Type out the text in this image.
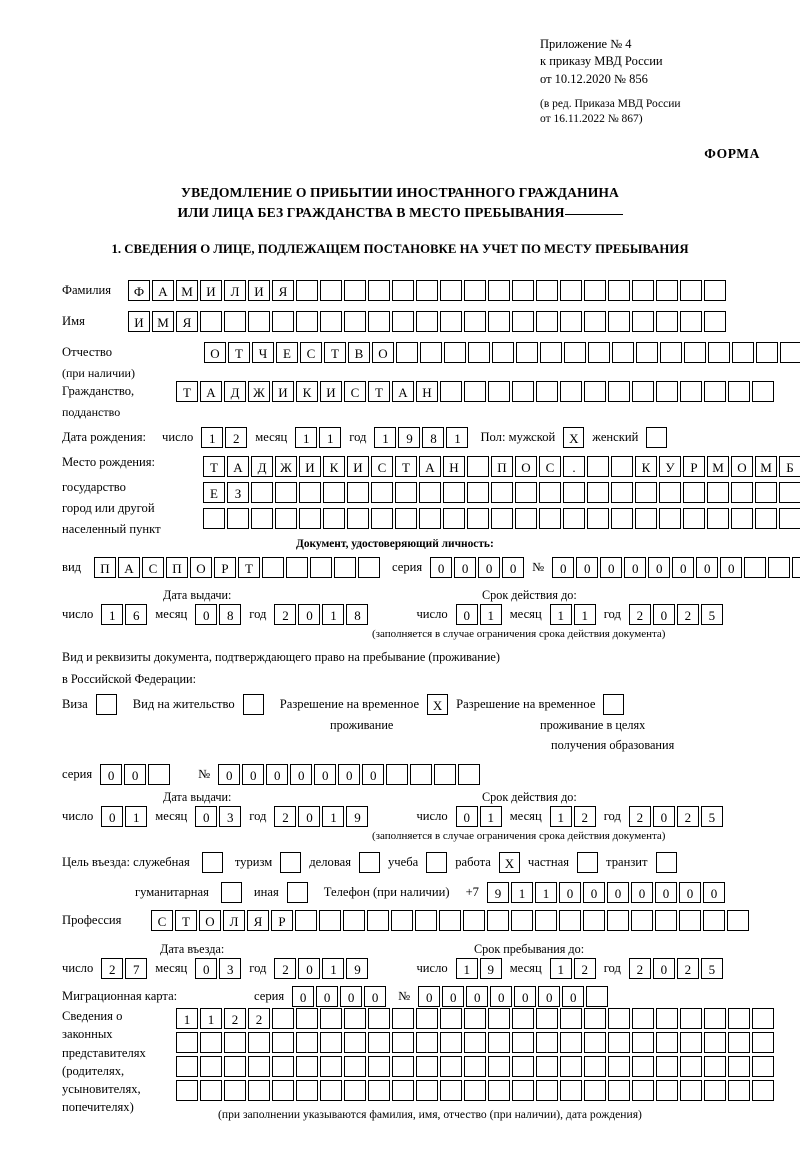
Приложение № 4
к приказу МВД России
от 10.12.2020 № 856
(в ред. Приказа МВД России
от 16.11.2022 № 867)
ФОРМА
УВЕДОМЛЕНИЕ О ПРИБЫТИИ ИНОСТРАННОГО ГРАЖДАНИНА
ИЛИ ЛИЦА БЕЗ ГРАЖДАНСТВА В МЕСТО ПРЕБЫВАНИЯ
1. СВЕДЕНИЯ О ЛИЦЕ, ПОДЛЕЖАЩЕМ ПОСТАНОВКЕ НА УЧЕТ ПО МЕСТУ ПРЕБЫВАНИЯ
Фамилия	Ф	А	М	И	Л	И	Я
Имя	И	М	Я
Отчество	О	Т	Ч	Е	С	Т	В	О
(при наличии)
Гражданство,	Т	А	Д	Ж	И	К	И	С	Т	А	Н
подданство
Дата рождения: число	1	2	месяц	1	1	год	1	9	8	1	Пол: мужской	X	женский
Место рождения:	Т	А	Д	Ж	И	К	И	С	Т	А	Н	П	О	С	.	К	У	Р	М	О	М	Б
государство	Е	З
город или другой
населенный пункт
Документ, удостоверяющий личность:
вид	П	А	С	П	О	Р	Т	серия	0	0	0	0	№	0	0	0	0	0	0	0	0
Дата выдачи:	Срок действия до:
число	1	6	месяц	0	8	год	2	0	1	8	число	0	1	месяц	1	1	год	2	0	2	5
(заполняется в случае ограничения срока действия документа)
Вид и реквизиты документа, подтверждающего право на пребывание (проживание)
в Российской Федерации:
Виза	Вид на жительство	Разрешение на временное	X	Разрешение на временное
проживание	проживание в целях
получения образования
серия	0	0	№	0	0	0	0	0	0	0
Дата выдачи:	Срок действия до:
число	0	1	месяц	0	3	год	2	0	1	9	число	0	1	месяц	1	2	год	2	0	2	5
(заполняется в случае ограничения срока действия документа)
Цель въезда: служебная	туризм	деловая	учеба	работа	X	частная	транзит
гуманитарная	иная	Телефон (при наличии) +7	9	1	1	0	0	0	0	0	0	0
Профессия	С	Т	О	Л	Я	Р
Дата въезда:	Срок пребывания до:
число	2	7	месяц	0	3	год	2	0	1	9	число	1	9	месяц	1	2	год	2	0	2	5
Миграционная карта:	серия	0	0	0	0	№	0	0	0	0	0	0	0
Сведения о
законных
представителях
(родителях,
усыновителях,
попечителях)
1	1	2	2
(при заполнении указываются фамилия, имя, отчество (при наличии), дата рождения)
